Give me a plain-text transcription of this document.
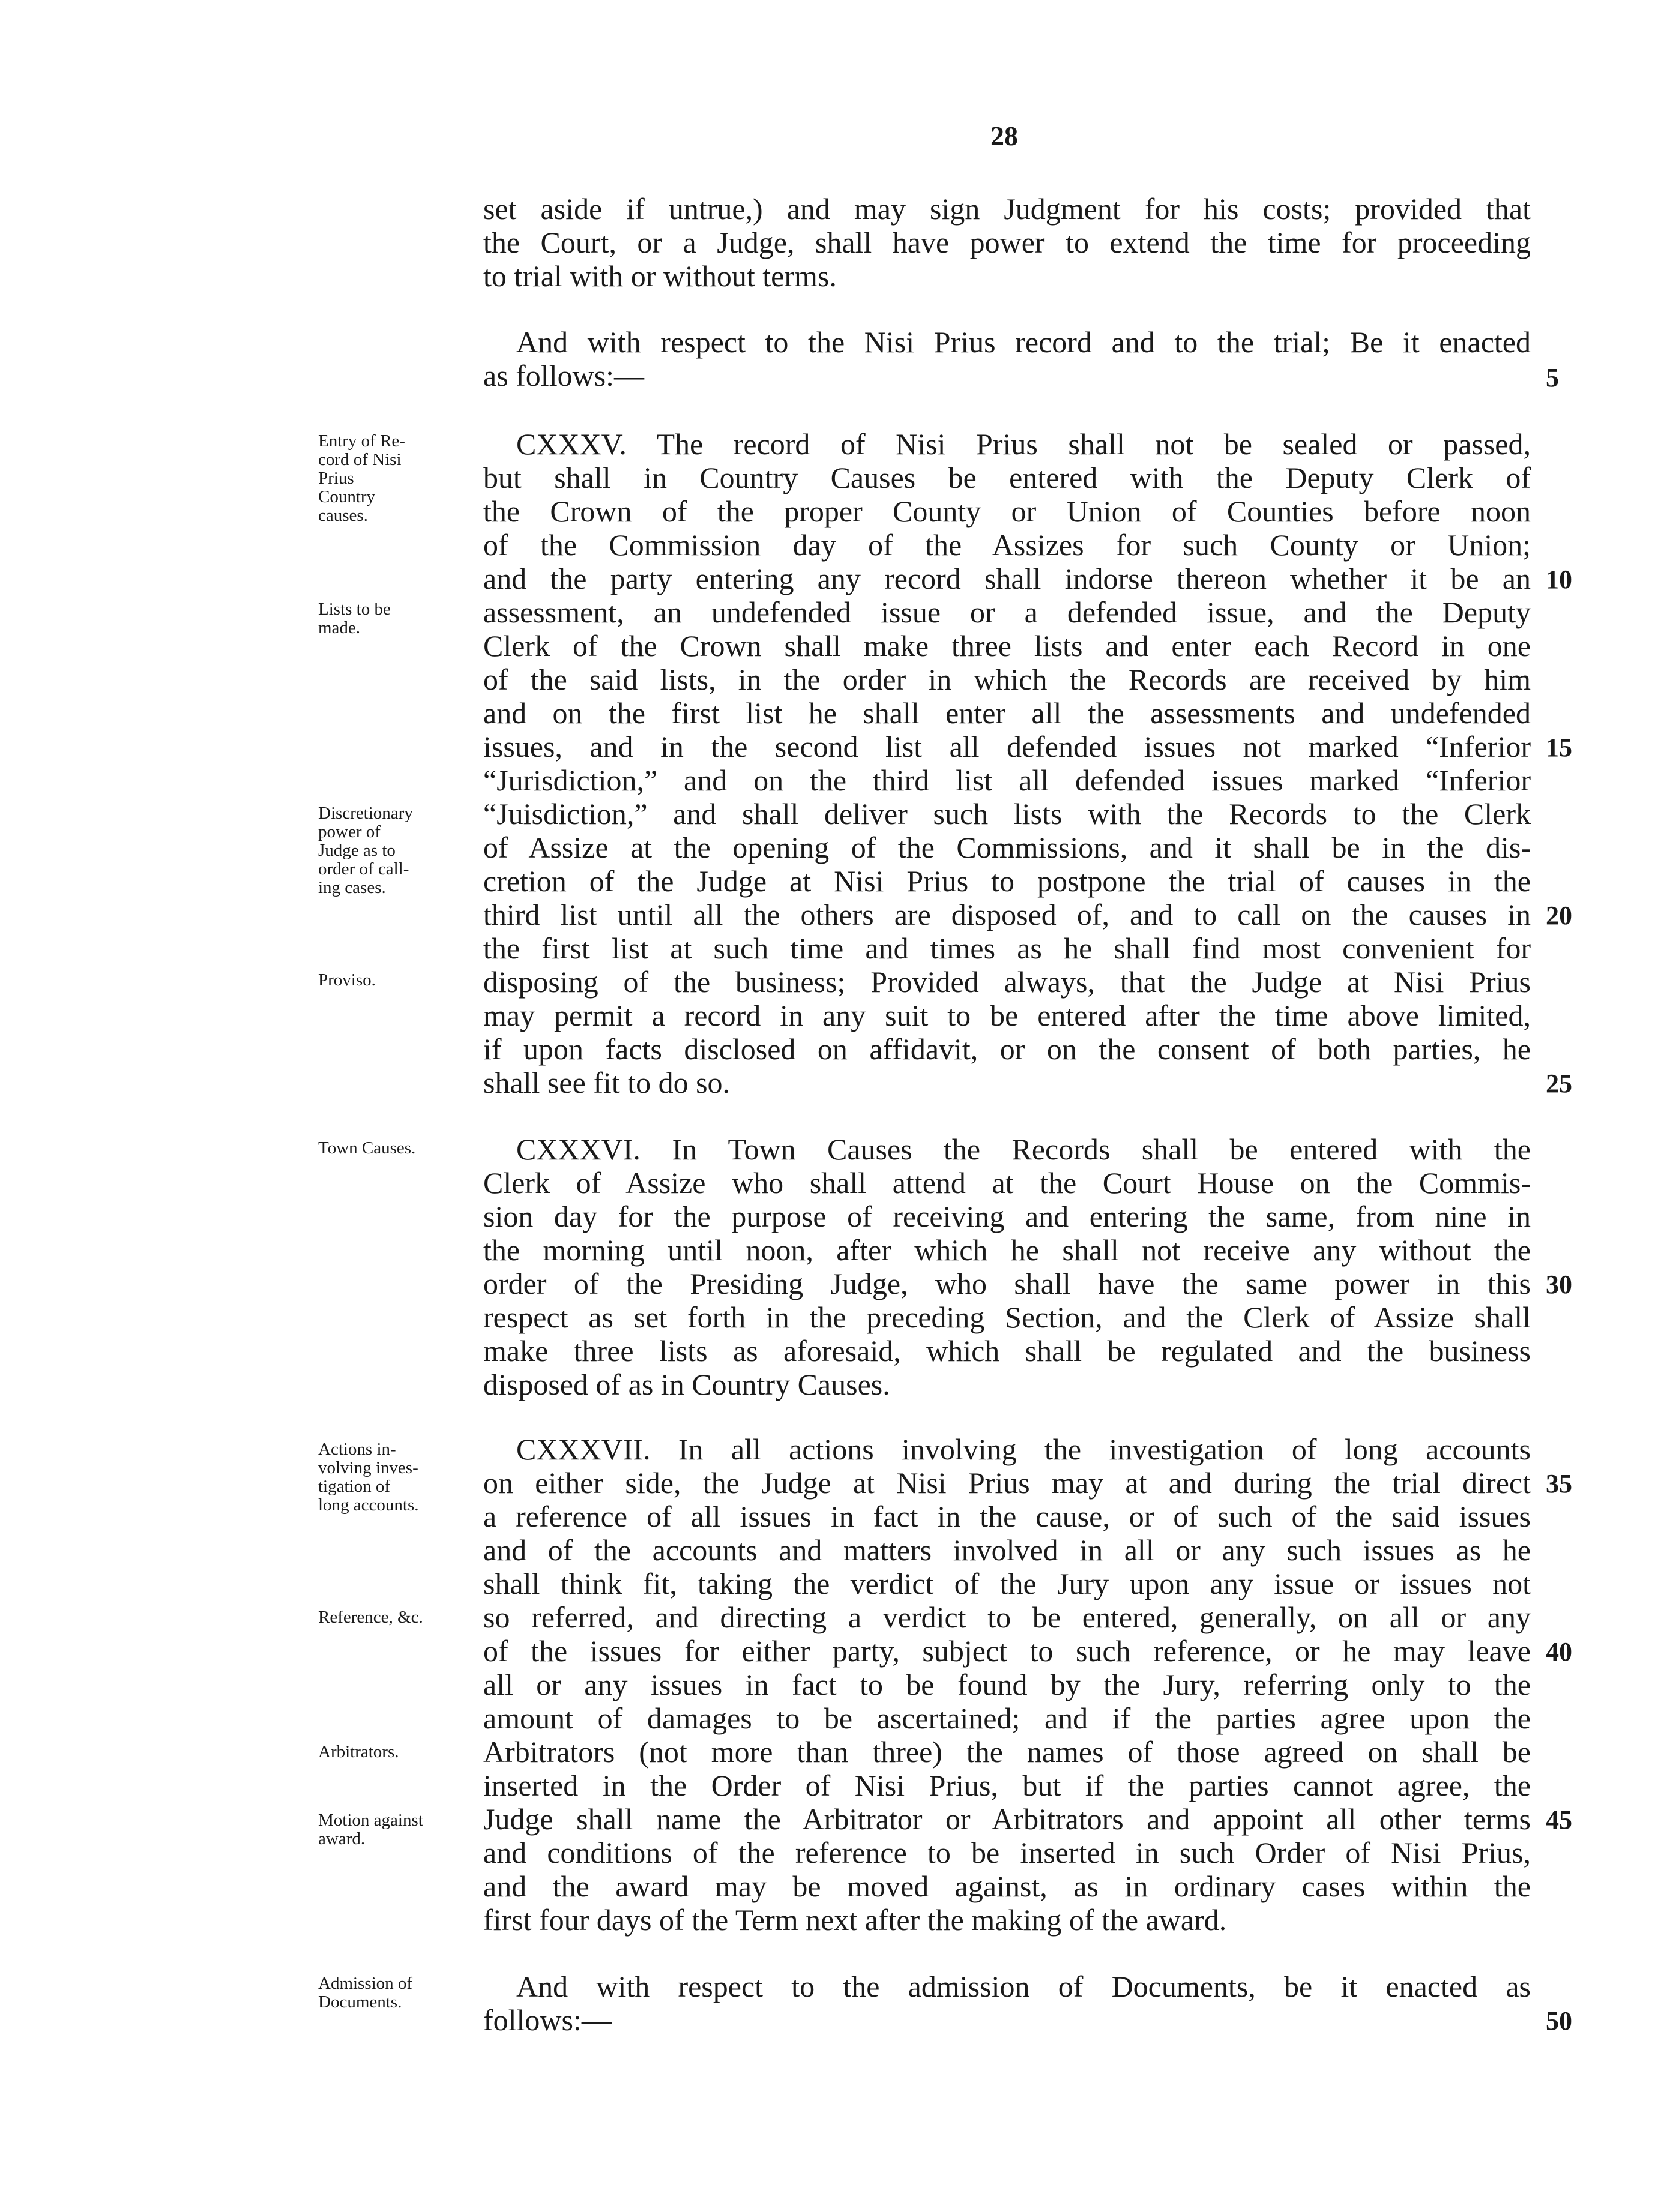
28
set aside if untrue,) and may sign Judgment for his costs; provided that
the Court, or a Judge, shall have power to extend the time for proceeding
to trial with or without terms.
And with respect to the Nisi Prius record and to the trial; Be it enacted
as follows:—
CXXXV. The record of Nisi Prius shall not be sealed or passed,
but shall in Country Causes be entered with the Deputy Clerk of
the Crown of the proper County or Union of Counties before noon
of the Commission day of the Assizes for such County or Union;
and the party entering any record shall indorse thereon whether it be an
assessment, an undefended issue or a defended issue, and the Deputy
Clerk of the Crown shall make three lists and enter each Record in one
of the said lists, in the order in which the Records are received by him
and on the first list he shall enter all the assessments and undefended
issues, and in the second list all defended issues not marked “Inferior
“Jurisdiction,” and on the third list all defended issues marked “Inferior
“Juisdiction,” and shall deliver such lists with the Records to the Clerk
of Assize at the opening of the Commissions, and it shall be in the dis-
cretion of the Judge at Nisi Prius to postpone the trial of causes in the
third list until all the others are disposed of, and to call on the causes in
the first list at such time and times as he shall find most convenient for
disposing of the business; Provided always, that the Judge at Nisi Prius
may permit a record in any suit to be entered after the time above limited,
if upon facts disclosed on affidavit, or on the consent of both parties, he
shall see fit to do so.
CXXXVI. In Town Causes the Records shall be entered with the
Clerk of Assize who shall attend at the Court House on the Commis-
sion day for the purpose of receiving and entering the same, from nine in
the morning until noon, after which he shall not receive any without the
order of the Presiding Judge, who shall have the same power in this
respect as set forth in the preceding Section, and the Clerk of Assize shall
make three lists as aforesaid, which shall be regulated and the business
disposed of as in Country Causes.
CXXXVII. In all actions involving the investigation of long accounts
on either side, the Judge at Nisi Prius may at and during the trial direct
a reference of all issues in fact in the cause, or of such of the said issues
and of the accounts and matters involved in all or any such issues as he
shall think fit, taking the verdict of the Jury upon any issue or issues not
so referred, and directing a verdict to be entered, generally, on all or any
of the issues for either party, subject to such reference, or he may leave
all or any issues in fact to be found by the Jury, referring only to the
amount of damages to be ascertained; and if the parties agree upon the
Arbitrators (not more than three) the names of those agreed on shall be
inserted in the Order of Nisi Prius, but if the parties cannot agree, the
Judge shall name the Arbitrator or Arbitrators and appoint all other terms
and conditions of the reference to be inserted in such Order of Nisi Prius,
and the award may be moved against, as in ordinary cases within the
first four days of the Term next after the making of the award.
And with respect to the admission of Documents, be it enacted as
follows:—
5
10
15
20
25
30
35
40
45
50
Entry of Re-
cord of Nisi
Prius
Country
causes.
Lists to be
made.
Discretionary
power of
Judge as to
order of call-
ing cases.
Proviso.
Town Causes.
Actions in-
volving inves-
tigation of
long accounts.
Reference, &c.
Arbitrators.
Motion against
award.
Admission of
Documents.
